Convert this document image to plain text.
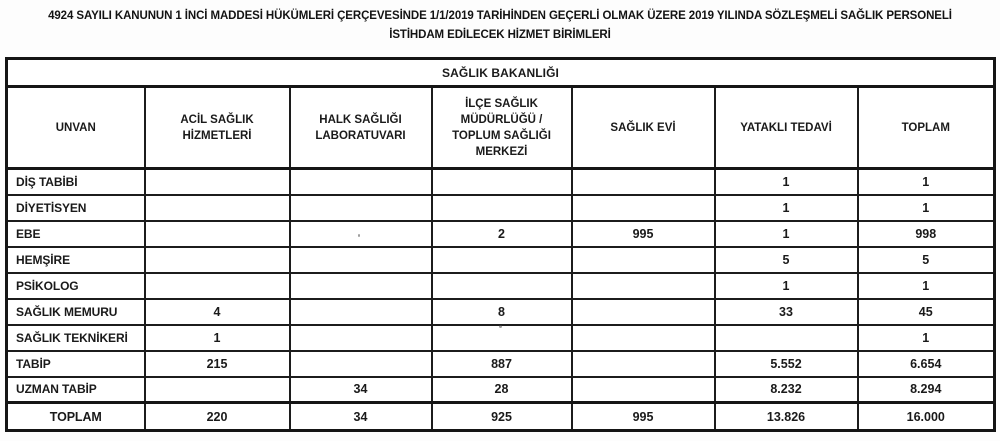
4924 SAYILI KANUNUN 1 İNCİ MADDESİ HÜKÜMLERİ ÇERÇEVESİNDE 1/1/2019 TARİHİNDEN GEÇERLİ OLMAK ÜZERE 2019 YILINDA SÖZLEŞMELİ SAĞLIK PERSONELİ
İSTİHDAM EDİLECEK HİZMET BİRİMLERİ
SAĞLIK BAKANLIĞI						
UNVAN	ACİL SAĞLIK HİZMETLERİ	HALK SAĞLIĞI LABORATUVARI	İLÇE SAĞLIK MÜDÜRLÜĞÜ / TOPLUM SAĞLIĞI MERKEZİ	SAĞLIK EVİ	YATAKLI TEDAVİ	TOPLAM
DİŞ TABİBİ					1	1
DİYETİSYEN					1	1
EBE			2	995	1	998
HEMŞİRE					5	5
PSİKOLOG					1	1
SAĞLIK MEMURU	4		8		33	45
SAĞLIK TEKNİKERİ	1					1
TABİP	215		887		5.552	6.654
UZMAN TABİP		34	28		8.232	8.294
TOPLAM	220	34	925	995	13.826	16.000
